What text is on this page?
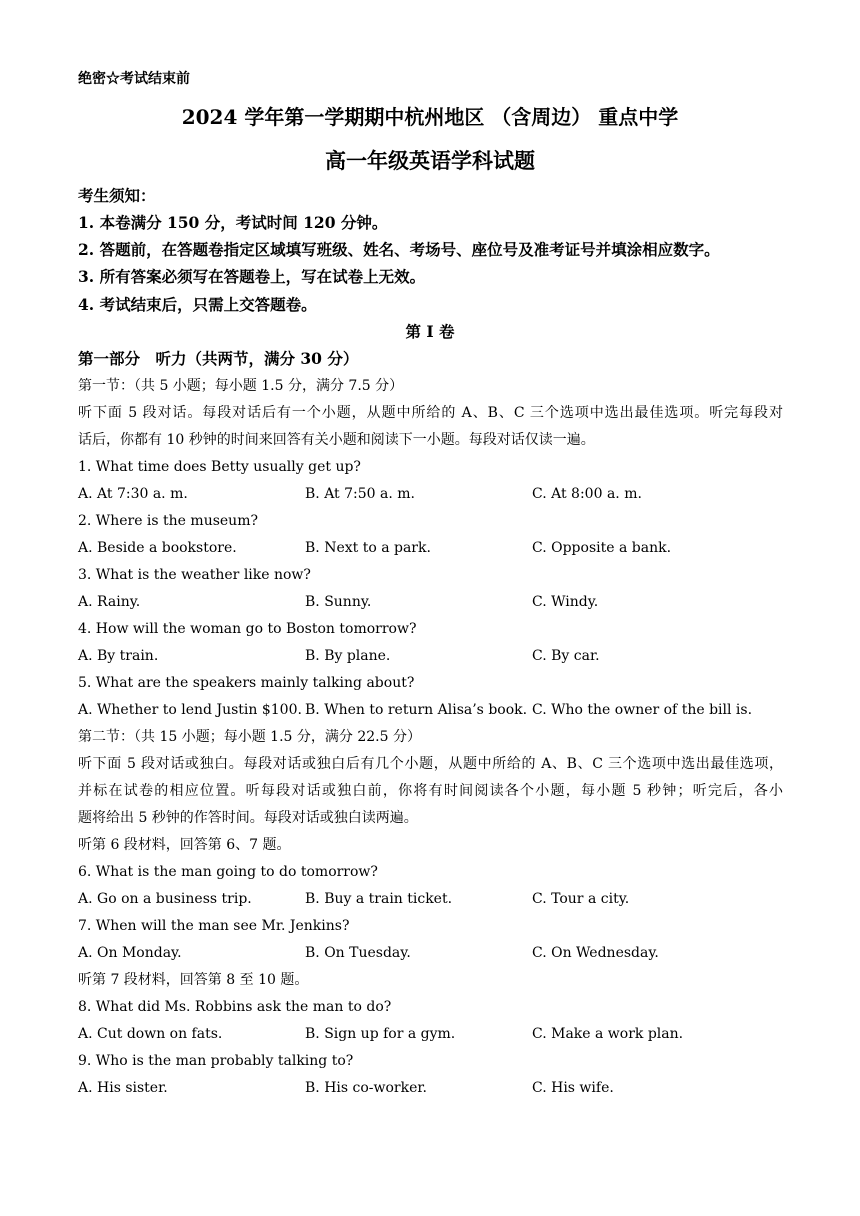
绝密☆考试结束前
2024 学年第一学期期中杭州地区 （含周边） 重点中学
高一年级英语学科试题
考生须知：
1. 本卷满分 150 分，考试时间 120 分钟。
2. 答题前，在答题卷指定区域填写班级、姓名、考场号、座位号及准考证号并填涂相应数字。
3. 所有答案必须写在答题卷上，写在试卷上无效。
4. 考试结束后，只需上交答题卷。
第 I 卷
第一部分　听力（共两节，满分 30 分）
第一节：（共 5 小题；每小题 1.5 分，满分 7.5 分）
听下面 5 段对话。每段对话后有一个小题，从题中所给的 A、B、C 三个选项中选出最佳选项。听完每段对
话后，你都有 10 秒钟的时间来回答有关小题和阅读下一小题。每段对话仅读一遍。
1. What time does Betty usually get up?
A. At 7:30 a. m.	B. At 7:50 a. m.	C. At 8:00 a. m.
2. Where is the museum?
A. Beside a bookstore.	B. Next to a park.	C. Opposite a bank.
3. What is the weather like now?
A. Rainy.	B. Sunny.	C. Windy.
4. How will the woman go to Boston tomorrow?
A. By train.	B. By plane.	C. By car.
5. What are the speakers mainly talking about?
A. Whether to lend Justin $100. B. When to return Alisa’s book. C. Who the owner of the bill is.
第二节：（共 15 小题；每小题 1.5 分，满分 22.5 分）
听下面 5 段对话或独白。每段对话或独白后有几个小题，从题中所给的 A、B、C 三个选项中选出最佳选项，
并标在试卷的相应位置。听每段对话或独白前，你将有时间阅读各个小题，每小题 5 秒钟；听完后，各小
题将给出 5 秒钟的作答时间。每段对话或独白读两遍。
听第 6 段材料，回答第 6、7 题。
6. What is the man going to do tomorrow?
A. Go on a business trip.	B. Buy a train ticket.	C. Tour a city.
7. When will the man see Mr. Jenkins?
A. On Monday.	B. On Tuesday.	C. On Wednesday.
听第 7 段材料，回答第 8 至 10 题。
8. What did Ms. Robbins ask the man to do?
A. Cut down on fats.	B. Sign up for a gym.	C. Make a work plan.
9. Who is the man probably talking to?
A. His sister.	B. His co-worker.	C. His wife.
